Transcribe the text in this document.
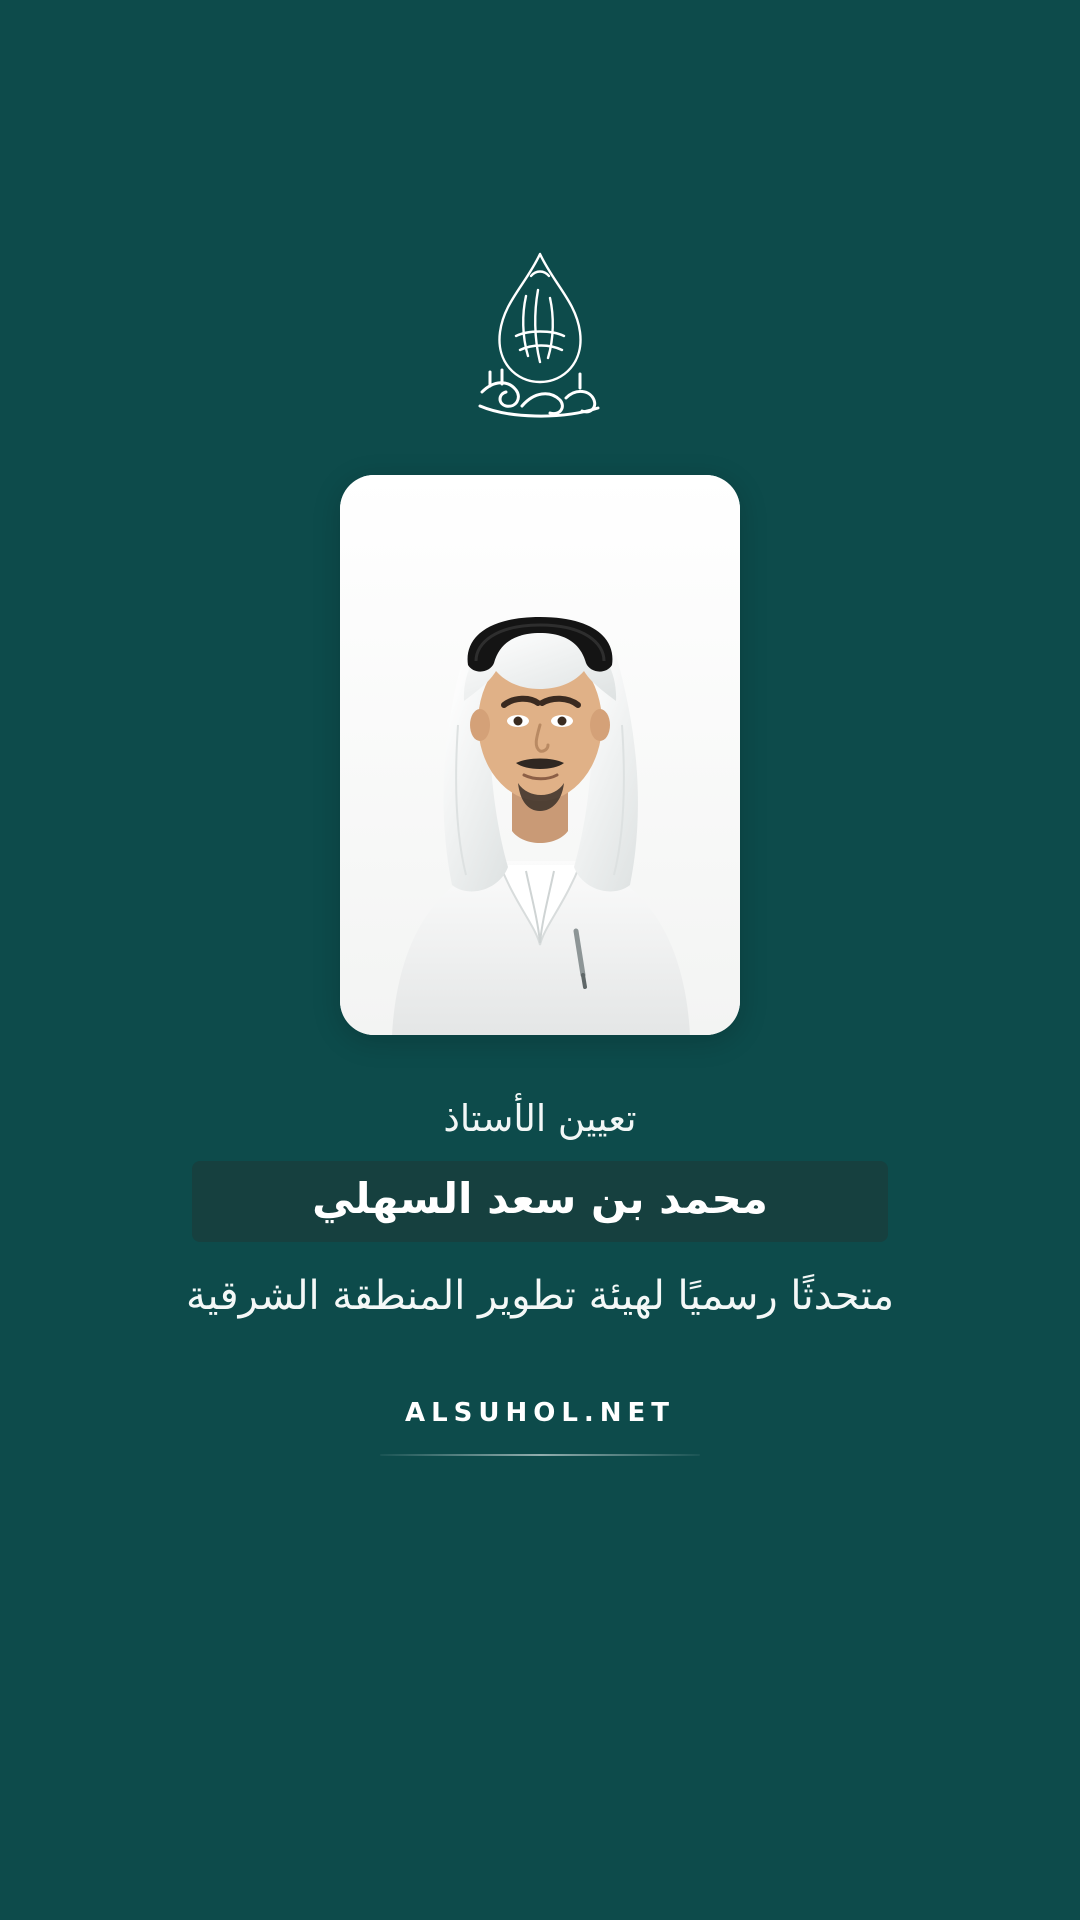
تعيين الأستاذ
محمد بن سعد السهلي
متحدثًا رسميًا لهيئة تطوير المنطقة الشرقية
ALSUHOL.NET
